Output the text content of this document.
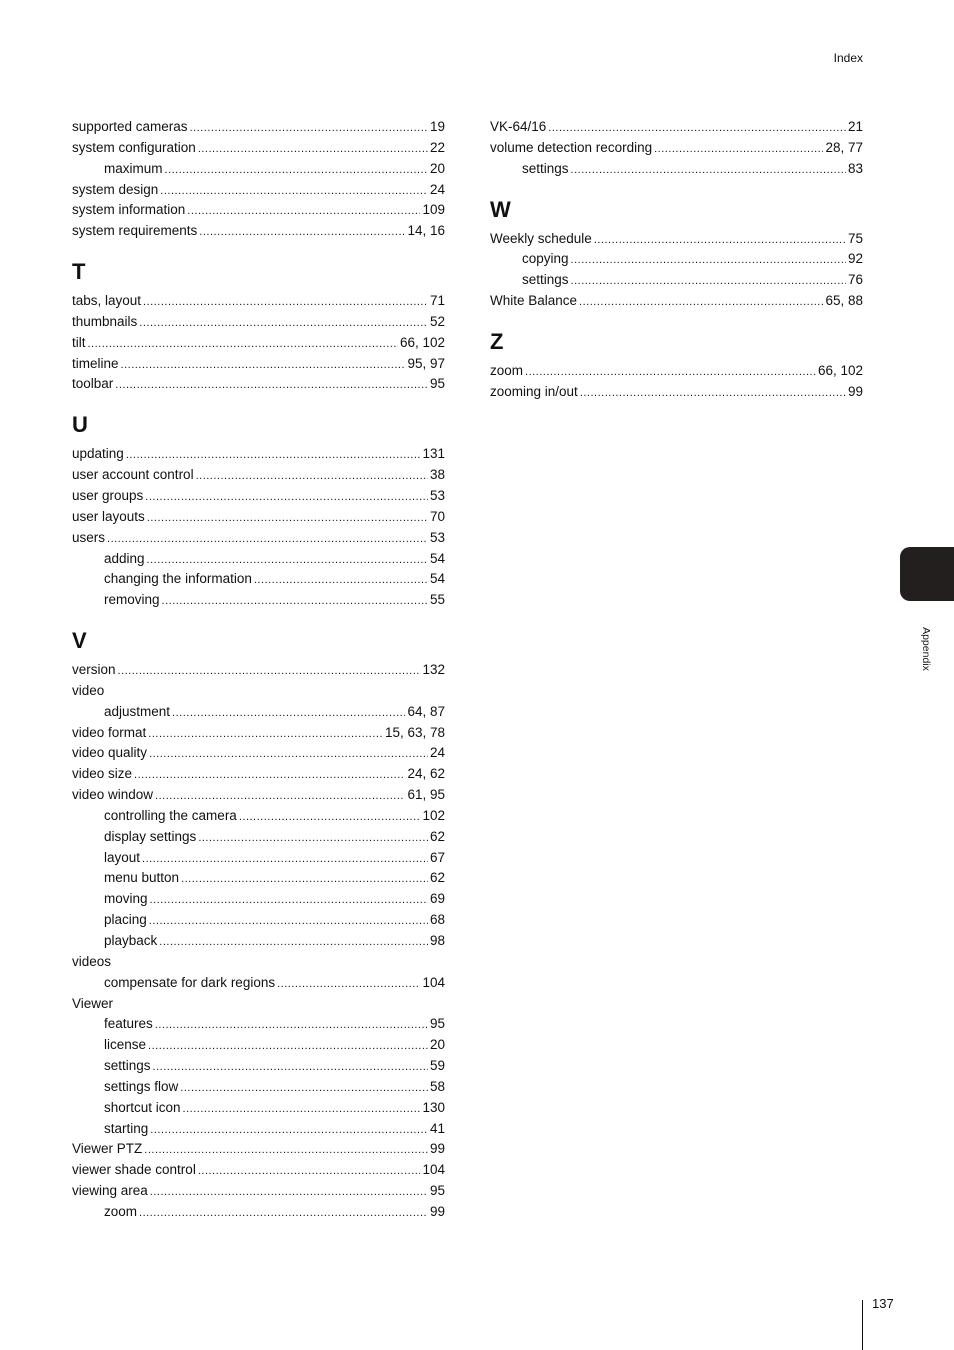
Index
supported cameras .....	19
system configuration .....	22
maximum .....	20
system design .....	24
system information .....	109
system requirements .....	14, 16
T
tabs, layout .....	71
thumbnails .....	52
tilt .....	66, 102
timeline .....	95, 97
toolbar .....	95
U
updating .....	131
user account control .....	38
user groups .....	53
user layouts .....	70
users .....	53
adding .....	54
changing the information .....	54
removing .....	55
V
version .....	132
video
adjustment .....	64, 87
video format .....	15, 63, 78
video quality .....	24
video size .....	24, 62
video window .....	61, 95
controlling the camera .....	102
display settings .....	62
layout .....	67
menu button .....	62
moving .....	69
placing .....	68
playback .....	98
videos
compensate for dark regions .....	104
Viewer
features .....	95
license .....	20
settings .....	59
settings flow .....	58
shortcut icon .....	130
starting .....	41
Viewer PTZ .....	99
viewer shade control .....	104
viewing area .....	95
zoom .....	99
VK-64/16 .....	21
volume detection recording .....	28, 77
settings .....	83
W
Weekly schedule .....	75
copying .....	92
settings .....	76
White Balance .....	65, 88
Z
zoom .....	66, 102
zooming in/out .....	99
Appendix
137
